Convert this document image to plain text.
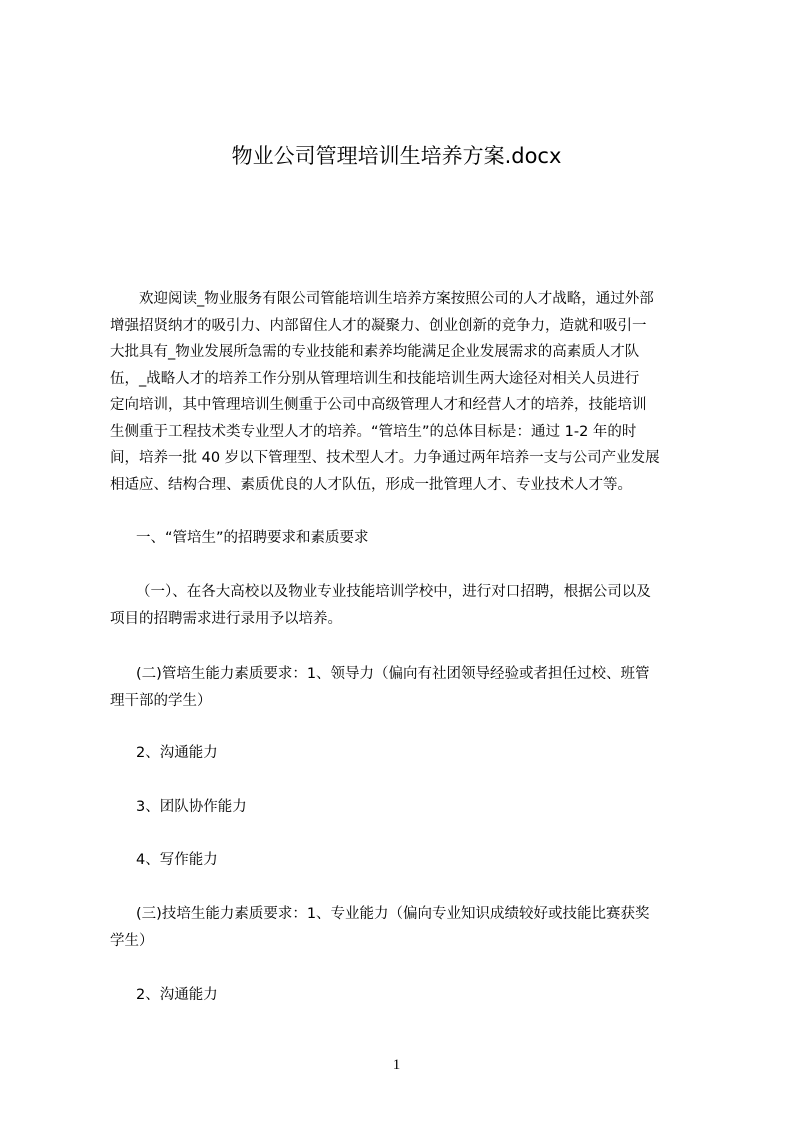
物业公司管理培训生培养方案.docx
欢迎阅读_物业服务有限公司管能培训生培养方案按照公司的人才战略，通过外部
增强招贤纳才的吸引力、内部留住人才的凝聚力、创业创新的竞争力，造就和吸引一
大批具有_物业发展所急需的专业技能和素养均能满足企业发展需求的高素质人才队
伍，_战略人才的培养工作分别从管理培训生和技能培训生两大途径对相关人员进行
定向培训，其中管理培训生侧重于公司中高级管理人才和经营人才的培养，技能培训
生侧重于工程技术类专业型人才的培养。“管培生”的总体目标是：通过 1-2 年的时
间，培养一批 40 岁以下管理型、技术型人才。力争通过两年培养一支与公司产业发展
相适应、结构合理、素质优良的人才队伍，形成一批管理人才、专业技术人才等。
一、“管培生”的招聘要求和素质要求
（一）、在各大高校以及物业专业技能培训学校中，进行对口招聘，根据公司以及
项目的招聘需求进行录用予以培养。
(二)管培生能力素质要求：1、领导力（偏向有社团领导经验或者担任过校、班管
理干部的学生）
2、沟通能力
3、团队协作能力
4、写作能力
(三)技培生能力素质要求：1、专业能力（偏向专业知识成绩较好或技能比赛获奖
学生）
2、沟通能力
1
